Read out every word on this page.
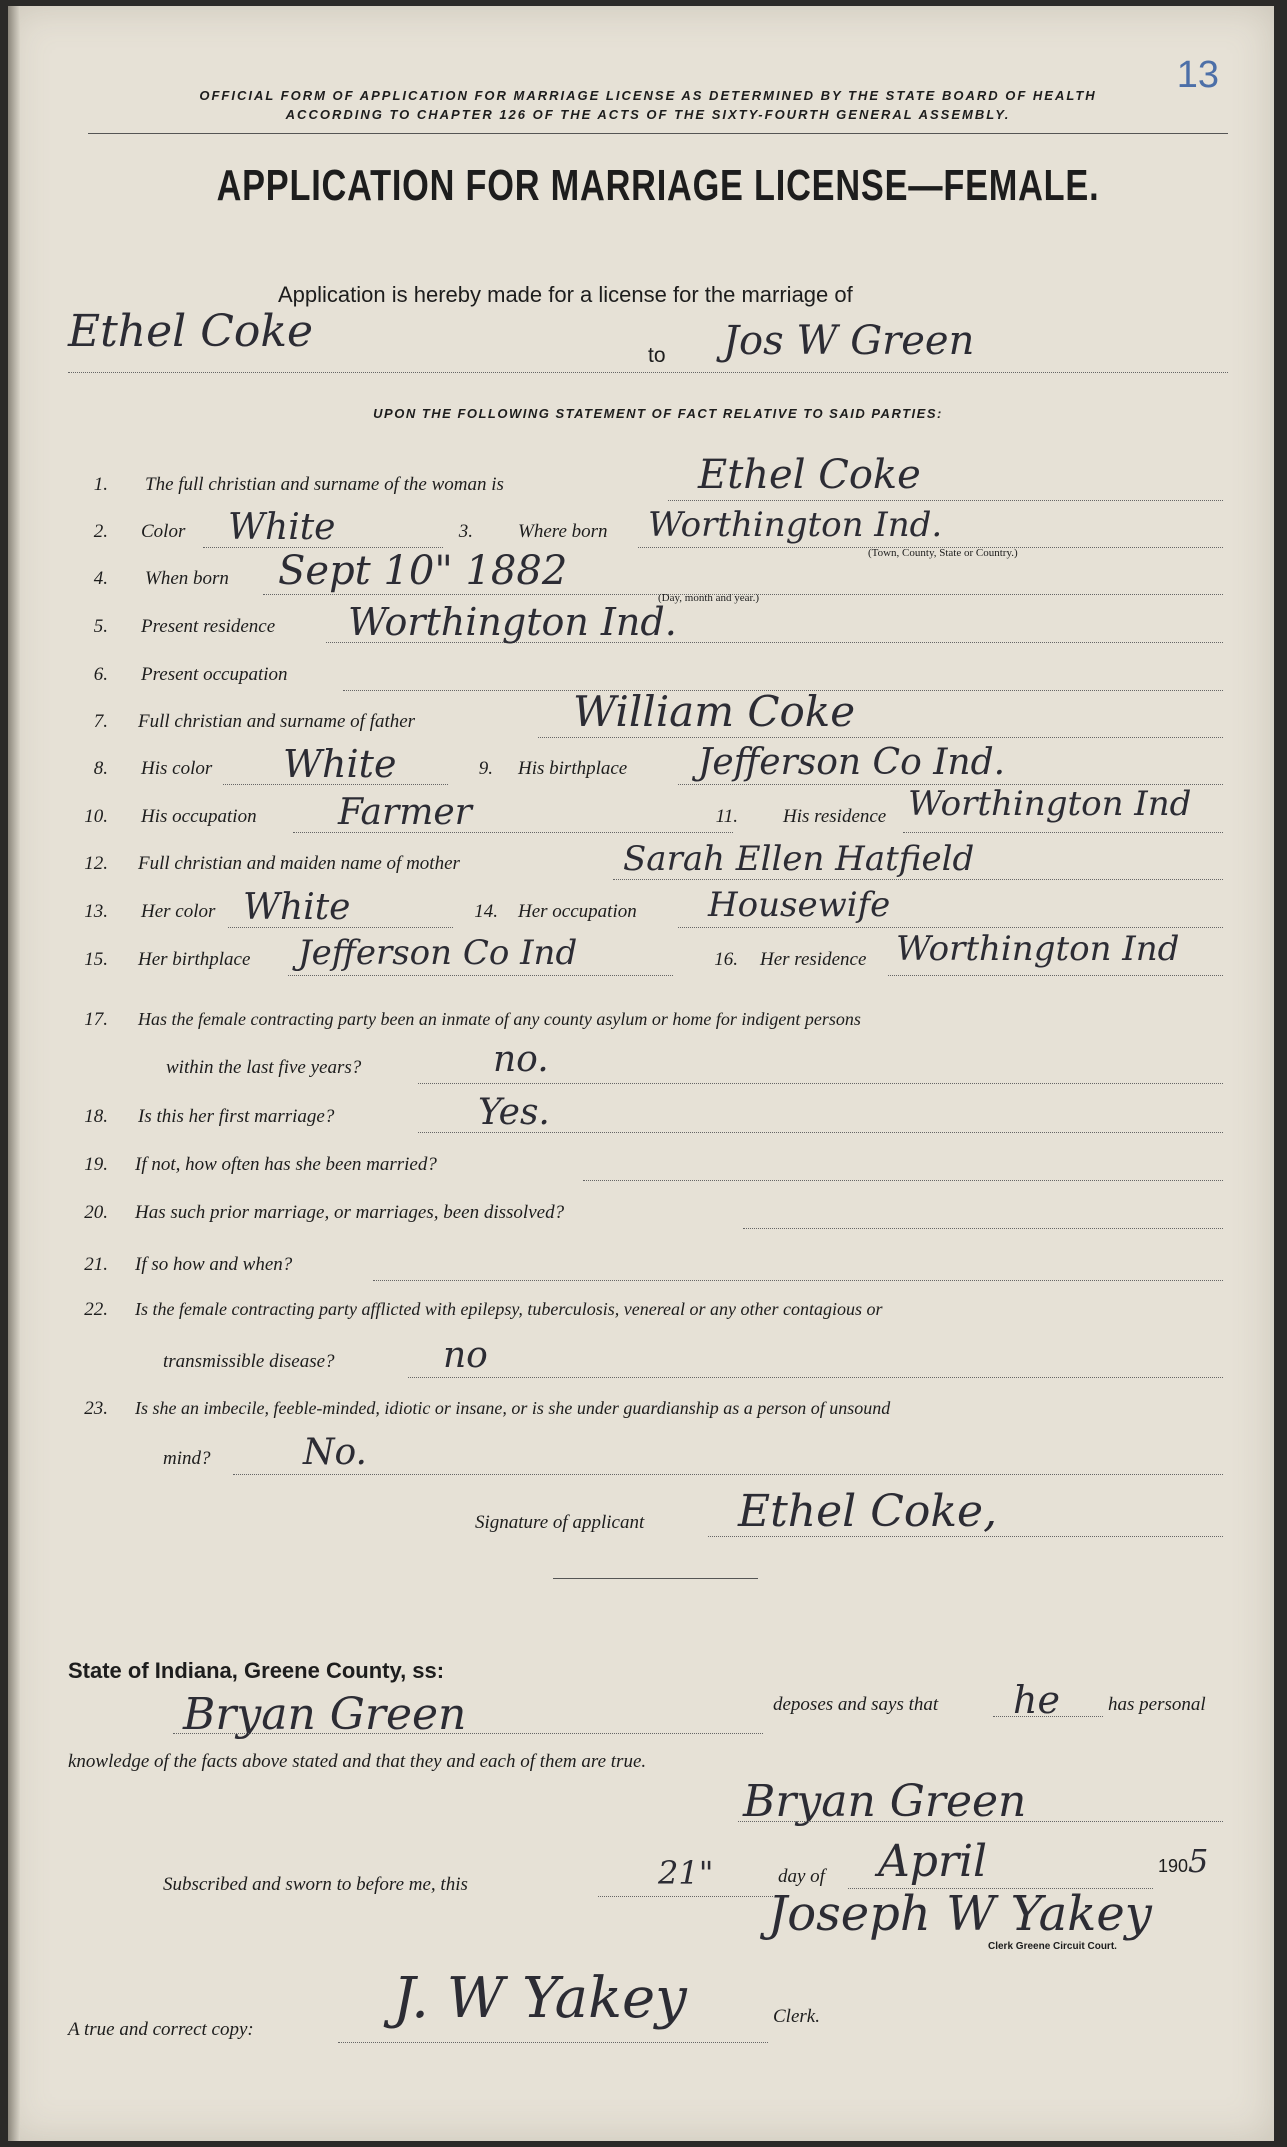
13
OFFICIAL FORM OF APPLICATION FOR MARRIAGE LICENSE AS DETERMINED BY THE STATE BOARD OF HEALTH
ACCORDING TO CHAPTER 126 OF THE ACTS OF THE SIXTY-FOURTH GENERAL ASSEMBLY.
APPLICATION FOR MARRIAGE LICENSE—FEMALE.
Application is hereby made for a license for the marriage of
Ethel Coke	to Jos W Green
UPON THE FOLLOWING STATEMENT OF FACT RELATIVE TO SAID PARTIES:
1. The full christian and surname of the woman is	Ethel Coke
2. Color White	3. Where born Worthington Ind.
(Town, County, State or Country.)
4. When born Sept 10" 1882
(Day, month and year.)
5. Present residence Worthington Ind.
6. Present occupation
7. Full christian and surname of father	William Coke
8. His color White	9. His birthplace Jefferson Co Ind.
10. His occupation Farmer	11. His residence Worthington Ind
12. Full christian and maiden name of mother	Sarah Ellen Hatfield
13. Her color White	14. Her occupation Housewife
15. Her birthplace Jefferson Co Ind	16. Her residence Worthington Ind
17. Has the female contracting party been an inmate of any county asylum or home for indigent persons
within the last five years?	no.
18. Is this her first marriage?	Yes.
19. If not, how often has she been married?
20. Has such prior marriage, or marriages, been dissolved?
21. If so how and when?
22. Is the female contracting party afflicted with epilepsy, tuberculosis, venereal or any other contagious or
transmissible disease?	no
23. Is she an imbecile, feeble-minded, idiotic or insane, or is she under guardianship as a person of unsound
mind?	No.
Signature of applicant Ethel Coke,
State of Indiana, Greene County, ss:
Bryan Green	deposes and says that he	has personal
knowledge of the facts above stated and that they and each of them are true.
Bryan Green
Subscribed and sworn to before me, this	21"	day of April	190 5
Joseph W Yakey
Clerk Greene Circuit Court.
A true and correct copy: J. W Yakey	Clerk.
